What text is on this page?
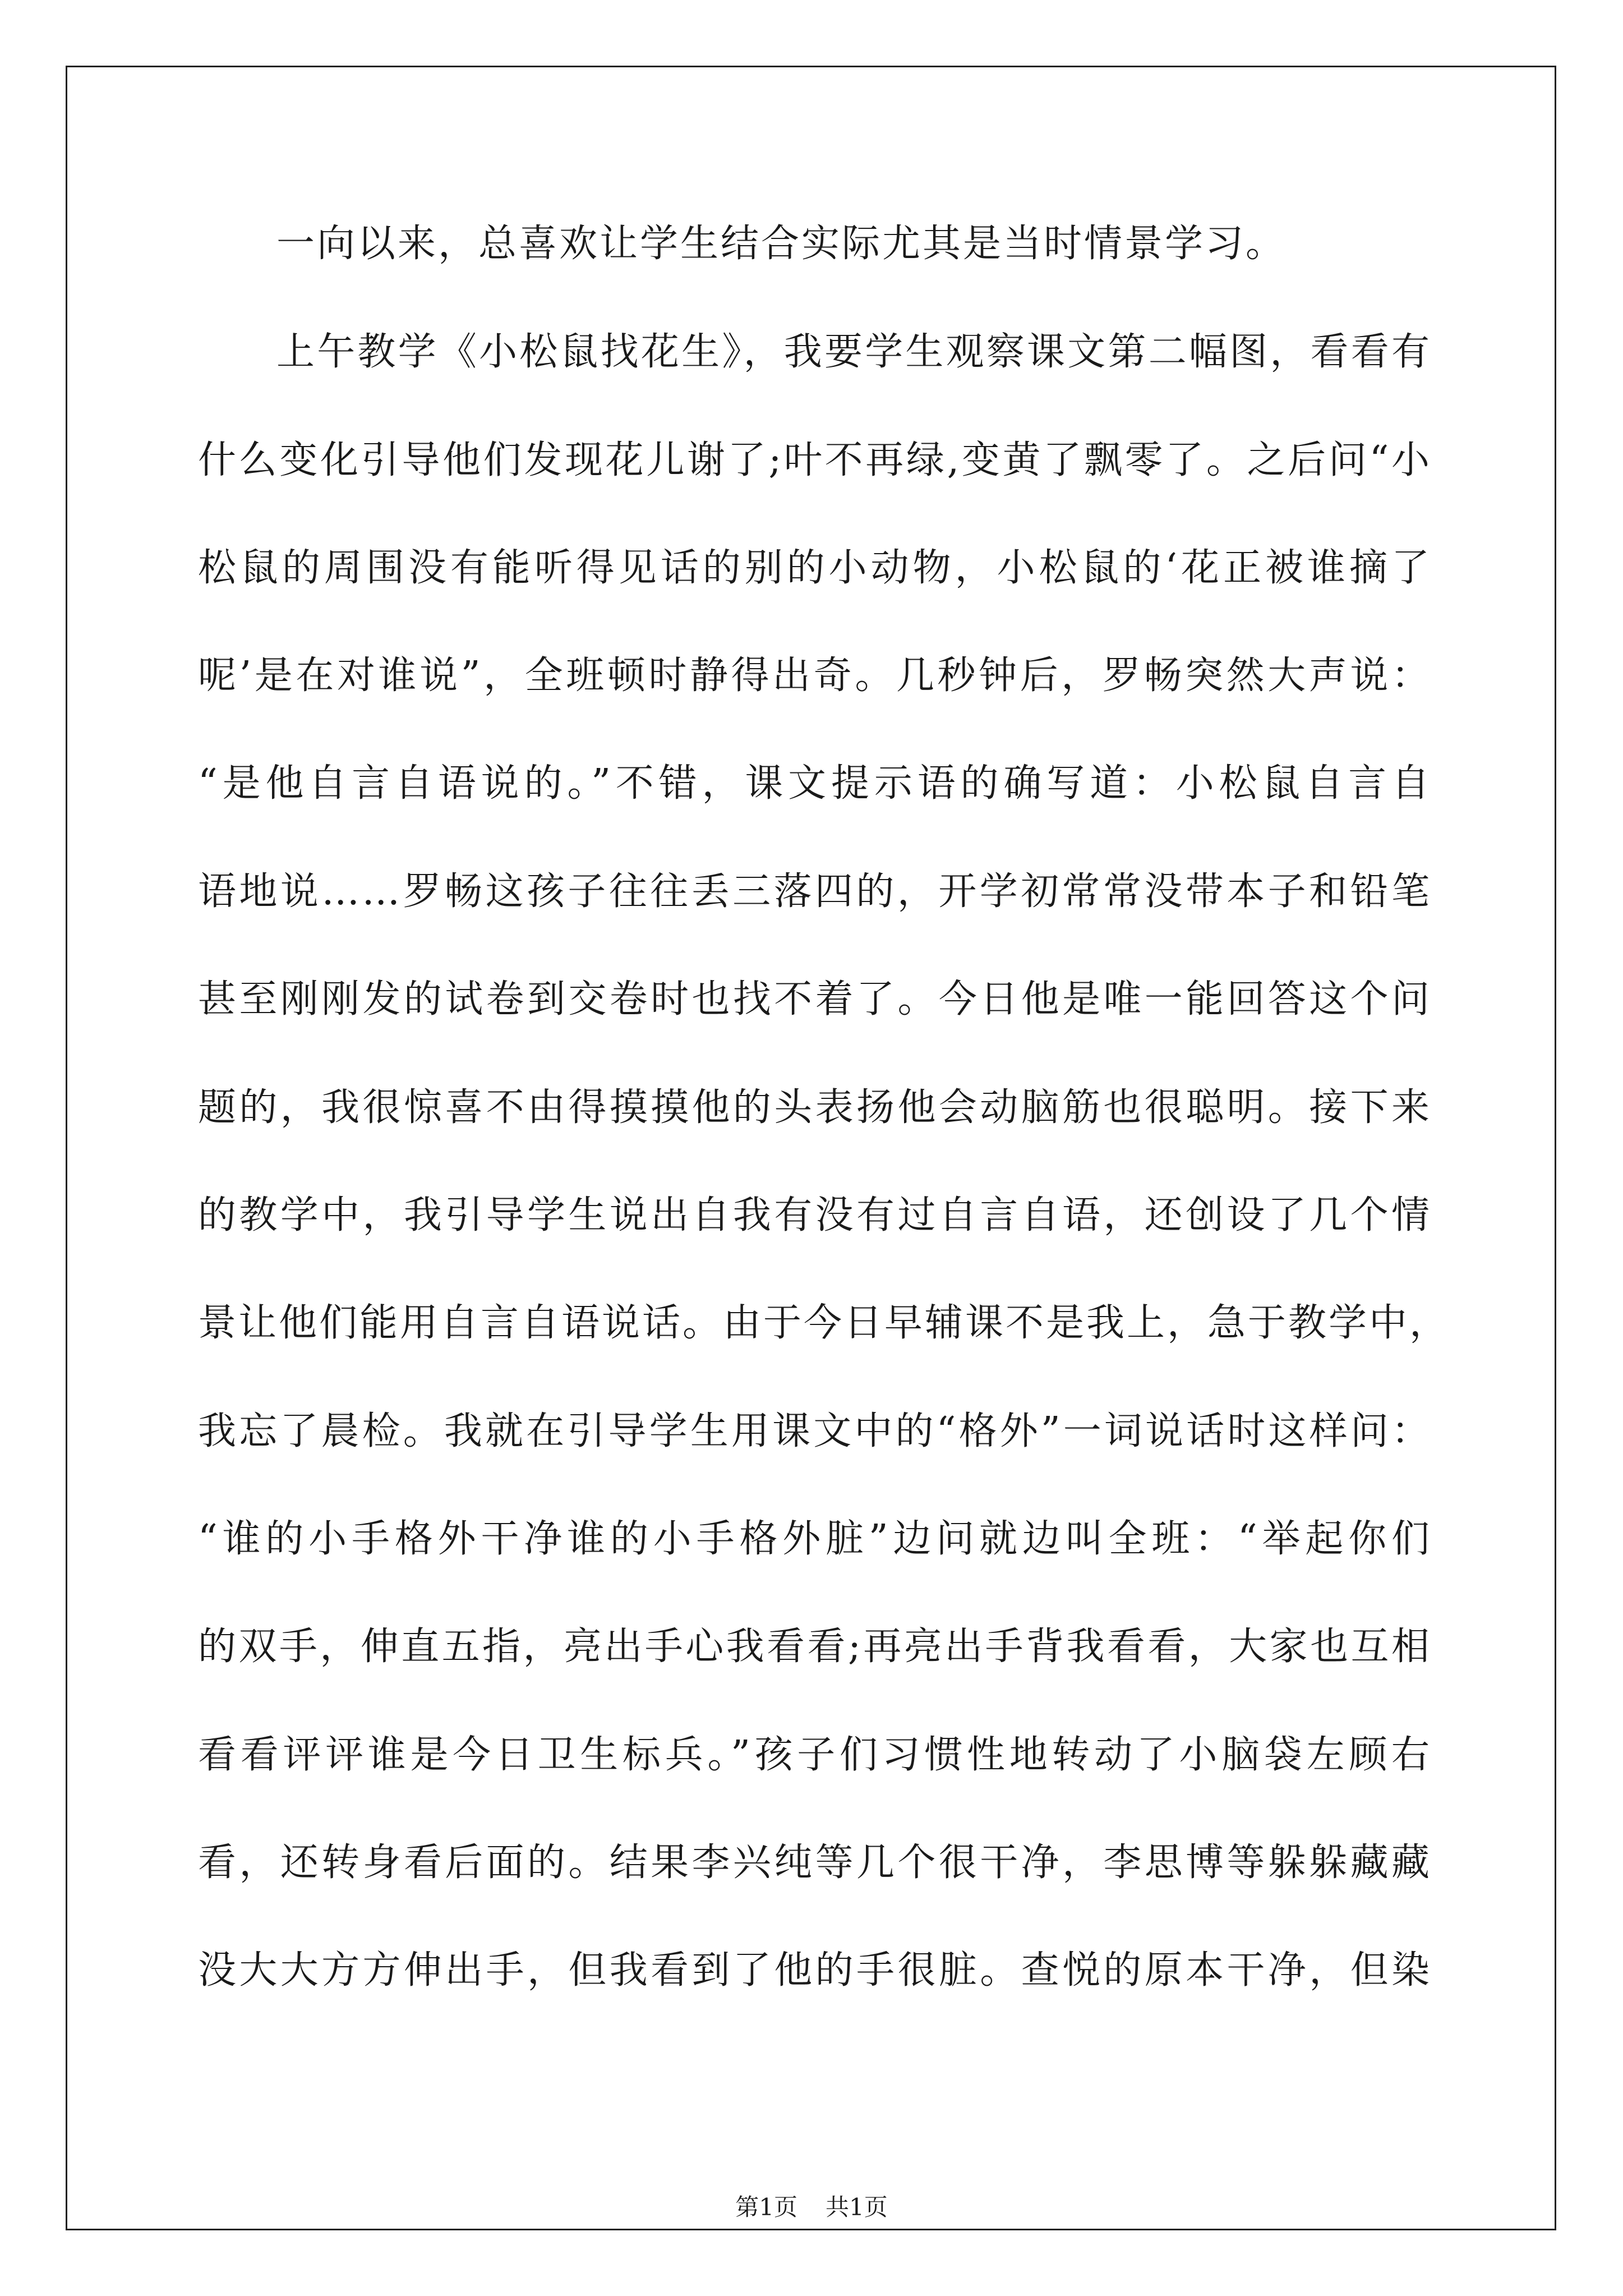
一向以来，总喜欢让学生结合实际尤其是当时情景学习。
上午教学《小松鼠找花生》，我要学生观察课文第二幅图，看看有
什么变化引导他们发现花儿谢了;叶不再绿,变黄了飘零了。之后问“小
松鼠的周围没有能听得见话的别的小动物，小松鼠的‘花正被谁摘了
呢’是在对谁说”，全班顿时静得出奇。几秒钟后，罗畅突然大声说：
“是他自言自语说的。”不错，课文提示语的确写道：小松鼠自言自
语地说……罗畅这孩子往往丢三落四的，开学初常常没带本子和铅笔
甚至刚刚发的试卷到交卷时也找不着了。今日他是唯一能回答这个问
题的，我很惊喜不由得摸摸他的头表扬他会动脑筋也很聪明。接下来
的教学中，我引导学生说出自我有没有过自言自语，还创设了几个情
景让他们能用自言自语说话。由于今日早辅课不是我上，急于教学中，
我忘了晨检。我就在引导学生用课文中的“格外”一词说话时这样问：
“谁的小手格外干净谁的小手格外脏”边问就边叫全班：“举起你们
的双手，伸直五指，亮出手心我看看;再亮出手背我看看，大家也互相
看看评评谁是今日卫生标兵。”孩子们习惯性地转动了小脑袋左顾右
看，还转身看后面的。结果李兴纯等几个很干净，李思博等躲躲藏藏
没大大方方伸出手，但我看到了他的手很脏。查悦的原本干净，但染
第1页 共1页
